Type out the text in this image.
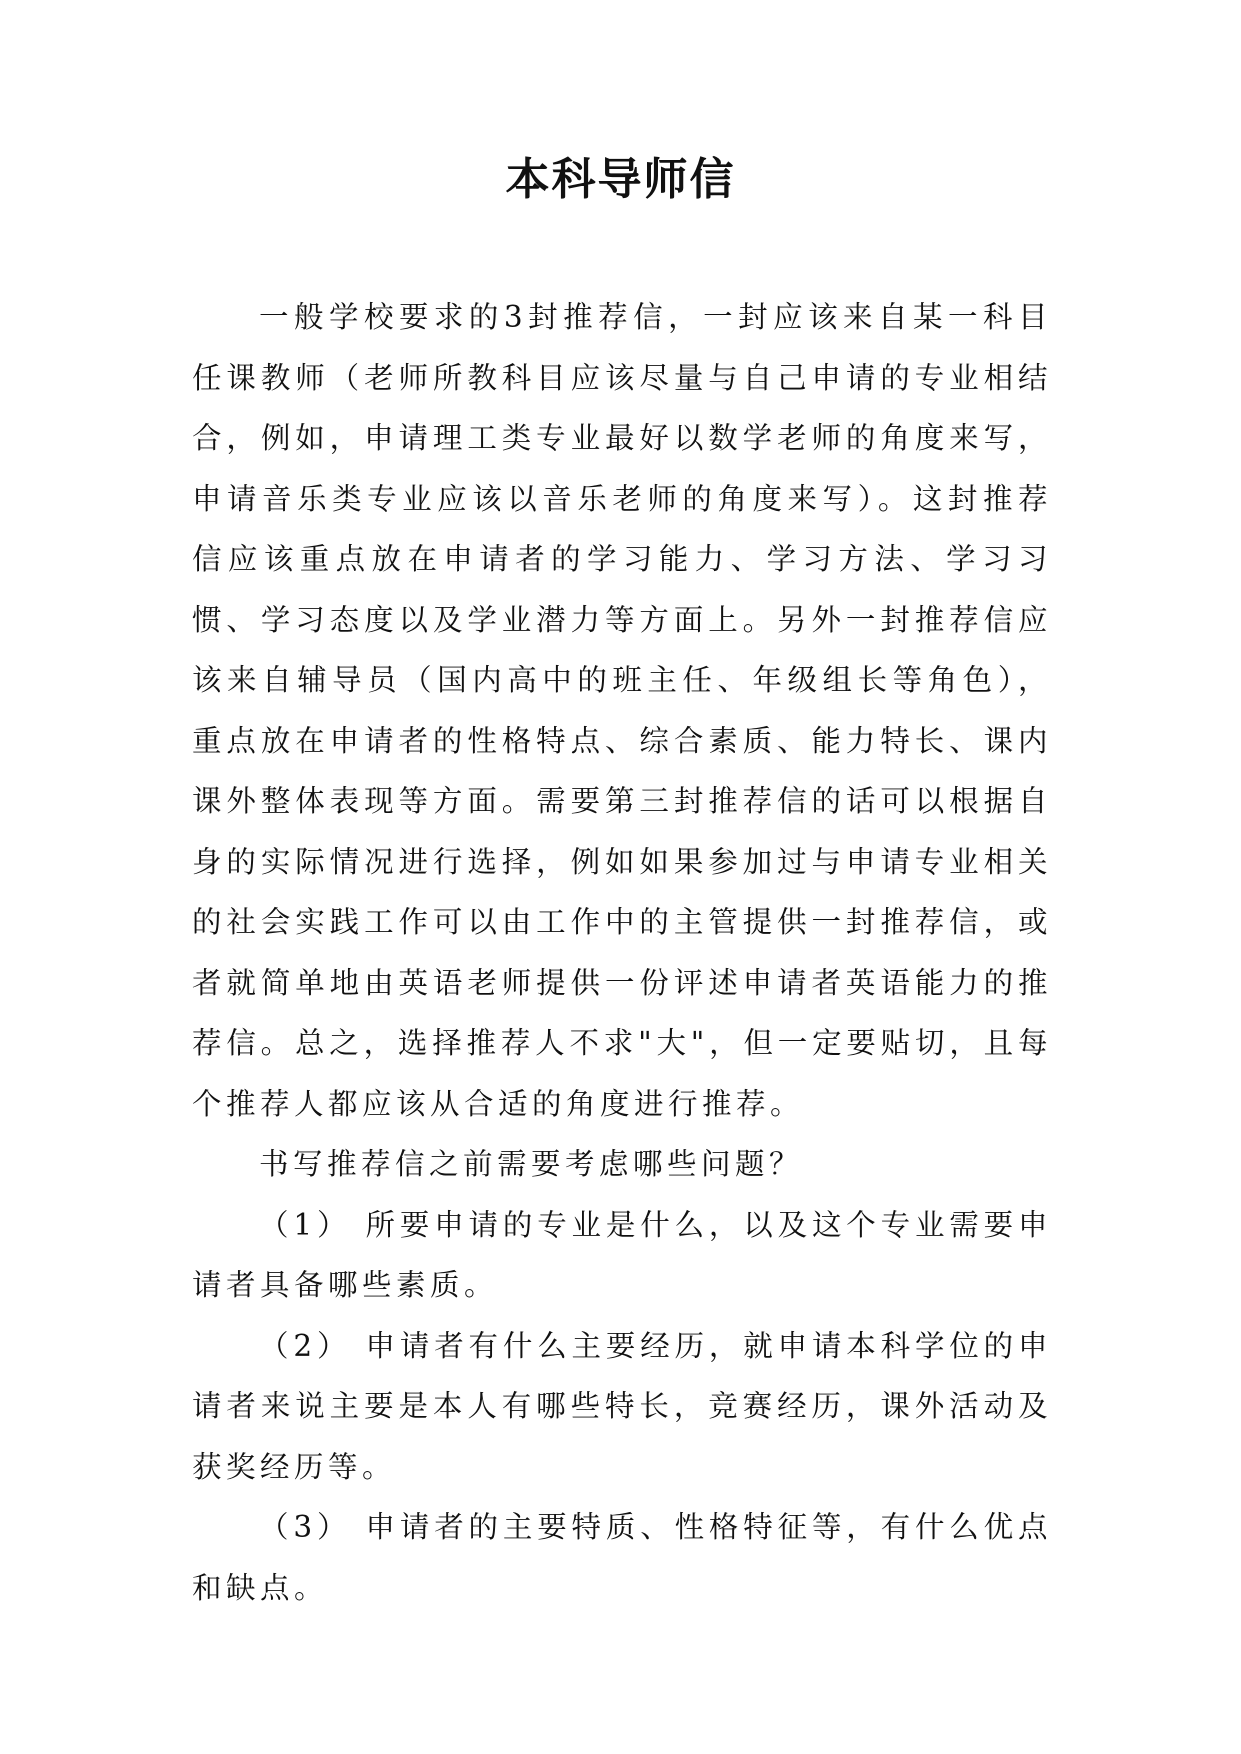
本科导师信

一般学校要求的3封推荐信，一封应该来自某一科目任课教师（老师所教科目应该尽量与自己申请的专业相结合，例如，申请理工类专业最好以数学老师的角度来写，申请音乐类专业应该以音乐老师的角度来写）。这封推荐信应该重点放在申请者的学习能力、学习方法、学习习惯、学习态度以及学业潜力等方面上。另外一封推荐信应该来自辅导员（国内高中的班主任、年级组长等角色），重点放在申请者的性格特点、综合素质、能力特长、课内课外整体表现等方面。需要第三封推荐信的话可以根据自身的实际情况进行选择，例如如果参加过与申请专业相关的社会实践工作可以由工作中的主管提供一封推荐信，或者就简单地由英语老师提供一份评述申请者英语能力的推荐信。总之，选择推荐人不求"大"，但一定要贴切，且每个推荐人都应该从合适的角度进行推荐。

书写推荐信之前需要考虑哪些问题？

（1） 所要申请的专业是什么，以及这个专业需要申请者具备哪些素质。

（2） 申请者有什么主要经历，就申请本科学位的申请者来说主要是本人有哪些特长，竞赛经历，课外活动及获奖经历等。

（3） 申请者的主要特质、性格特征等，有什么优点和缺点。
